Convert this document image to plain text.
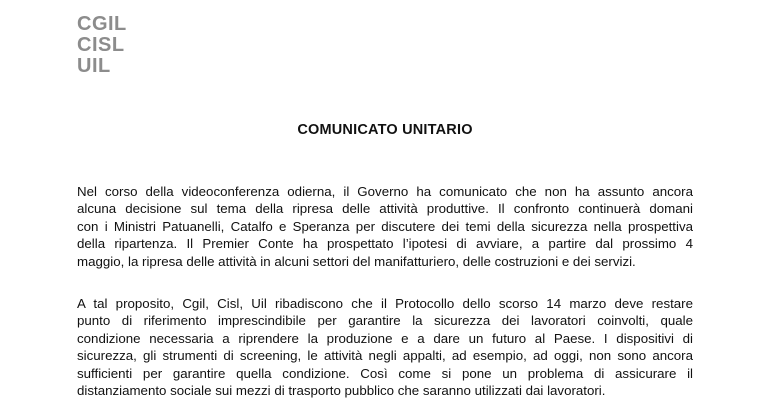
CGIL
CISL
UIL
COMUNICATO UNITARIO
Nel corso della videoconferenza odierna, il Governo ha comunicato che non ha assunto ancora
alcuna decisione sul tema della ripresa delle attività produttive. Il confronto continuerà domani
con i Ministri Patuanelli, Catalfo e Speranza per discutere dei temi della sicurezza nella prospettiva
della ripartenza. Il Premier Conte ha prospettato l’ipotesi di avviare, a partire dal prossimo 4
maggio, la ripresa delle attività in alcuni settori del manifatturiero, delle costruzioni e dei servizi.
A tal proposito, Cgil, Cisl, Uil ribadiscono che il Protocollo dello scorso 14 marzo deve restare
punto di riferimento imprescindibile per garantire la sicurezza dei lavoratori coinvolti, quale
condizione necessaria a riprendere la produzione e a dare un futuro al Paese. I dispositivi di
sicurezza, gli strumenti di screening, le attività negli appalti, ad esempio, ad oggi, non sono ancora
sufficienti per garantire quella condizione. Così come si pone un problema di assicurare il
distanziamento sociale sui mezzi di trasporto pubblico che saranno utilizzati dai lavoratori.
